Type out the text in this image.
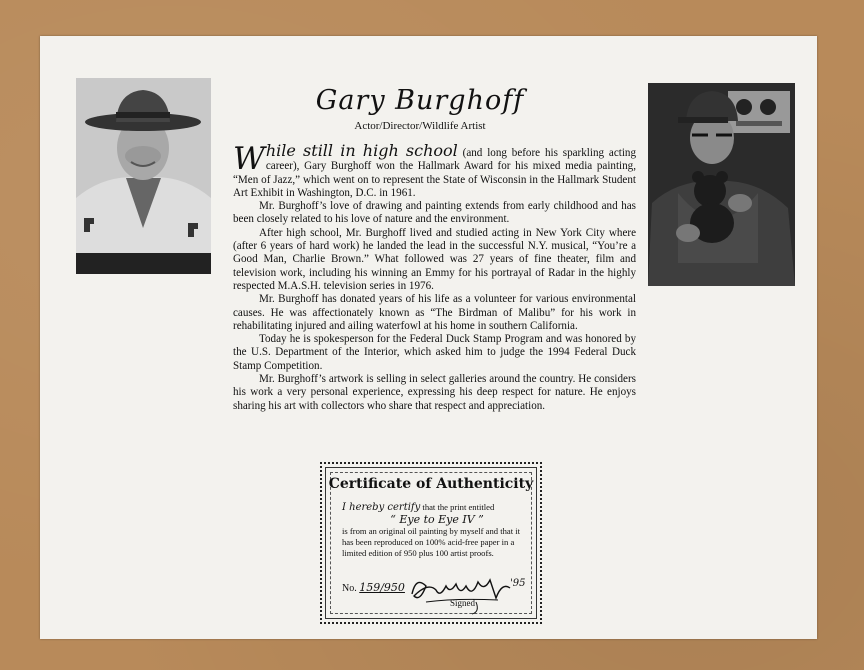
Gary Burghoff
Actor/Director/Wildlife Artist

While still in high school (and long before his sparkling acting career), Gary Burghoff won the Hallmark Award for his mixed media painting, “Men of Jazz,” which went on to represent the State of Wisconsin in the Hallmark Student Art Exhibit in Washington, D.C. in 1961.

Mr. Burghoff’s love of drawing and painting extends from early childhood and has been closely related to his love of nature and the environment.

After high school, Mr. Burghoff lived and studied acting in New York City where (after 6 years of hard work) he landed the lead in the successful N.Y. musical, “You’re a Good Man, Charlie Brown.” What followed was 27 years of fine theater, film and television work, including his winning an Emmy for his portrayal of Radar in the highly respected M.A.S.H. television series in 1976.

Mr. Burghoff has donated years of his life as a volunteer for various environmental causes. He was affectionately known as “The Birdman of Malibu” for his work in rehabilitating injured and ailing waterfowl at his home in southern California.

Today he is spokesperson for the Federal Duck Stamp Program and was honored by the U.S. Department of the Interior, which asked him to judge the 1994 Federal Duck Stamp Competition.

Mr. Burghoff’s artwork is selling in select galleries around the country. He considers his work a very personal experience, expressing his deep respect for nature. He enjoys sharing his art with collectors who share that respect and appreciation.

Certificate of Authenticity
I hereby certify that the print entitled
“ Eye to Eye IV ”
is from an original oil painting by myself and that it has been reproduced on 100% acid-free paper in a limited edition of 950 plus 100 artist proofs.
No. 159/950	'95
Signed
